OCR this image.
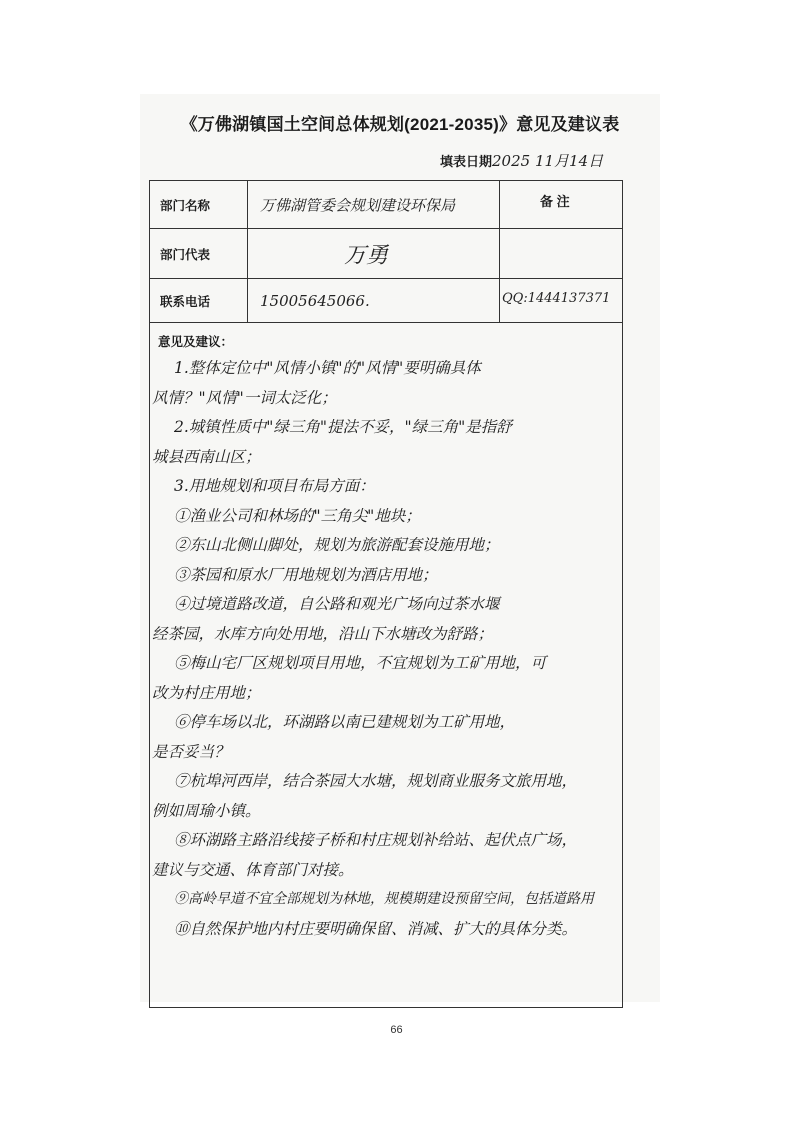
《万佛湖镇国土空间总体规划(2021-2035)》意见及建议表
填表日期2025 11月14日
部门名称	万佛湖管委会规划建设环保局	备 注
部门代表	万勇
联系电话	15005645066.	QQ:1444137371
意见及建议：
1.整体定位中"风情小镇"的"风情"要明确具体
风情？"风情"一词太泛化；
2.城镇性质中"绿三角"提法不妥，"绿三角"是指舒
城县西南山区；
3.用地规划和项目布局方面：
①渔业公司和林场的"三角尖"地块；
②东山北侧山脚处，规划为旅游配套设施用地；
③茶园和原水厂用地规划为酒店用地；
④过境道路改道，自公路和观光广场向过茶水堰
经茶园，水库方向处用地，沿山下水塘改为舒路；
⑤梅山宅厂区规划项目用地，不宜规划为工矿用地，可
改为村庄用地；
⑥停车场以北，环湖路以南已建规划为工矿用地，
是否妥当？
⑦杭埠河西岸，结合茶园大水塘，规划商业服务文旅用地，
例如周瑜小镇。
⑧环湖路主路沿线接子桥和村庄规划补给站、起伏点广场，
建议与交通、体育部门对接。
⑨高岭早道不宜全部规划为林地，规模期建设预留空间，包括道路用
⑩自然保护地内村庄要明确保留、消减、扩大的具体分类。
66
